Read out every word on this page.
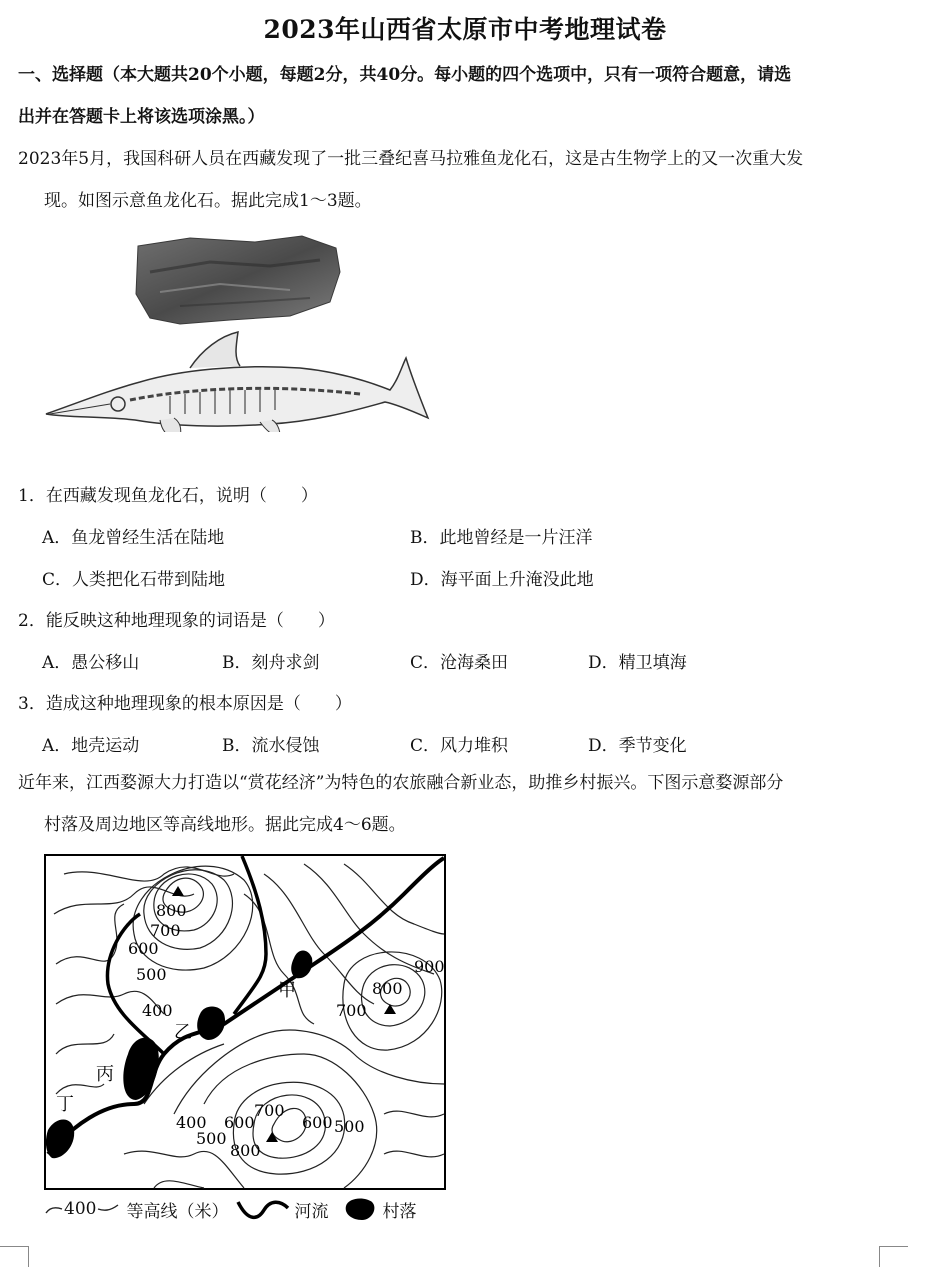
2023年山西省太原市中考地理试卷
一、选择题（本大题共20个小题，每题2分，共40分。每小题的四个选项中，只有一项符合题意，请选
出并在答题卡上将该选项涂黑。）
2023年5月，我国科研人员在西藏发现了一批三叠纪喜马拉雅鱼龙化石，这是古生物学上的又一次重大发
现。如图示意鱼龙化石。据此完成1～3题。
1．在西藏发现鱼龙化石，说明（　　）
A．鱼龙曾经生活在陆地	B．此地曾经是一片汪洋
C．人类把化石带到陆地	D．海平面上升淹没此地
2．能反映这种地理现象的词语是（　　）
A．愚公移山	B．刻舟求剑	C．沧海桑田	D．精卫填海
3．造成这种地理现象的根本原因是（　　）
A．地壳运动	B．流水侵蚀	C．风力堆积	D．季节变化
近年来，江西婺源大力打造以“赏花经济”为特色的农旅融合新业态，助推乡村振兴。下图示意婺源部分
村落及周边地区等高线地形。据此完成4～6题。
800
700
600
500
400
900
800
700
400
500
600
700
800
600 500
甲
乙
丙
丁
400 等高线（米）	河流	村落
